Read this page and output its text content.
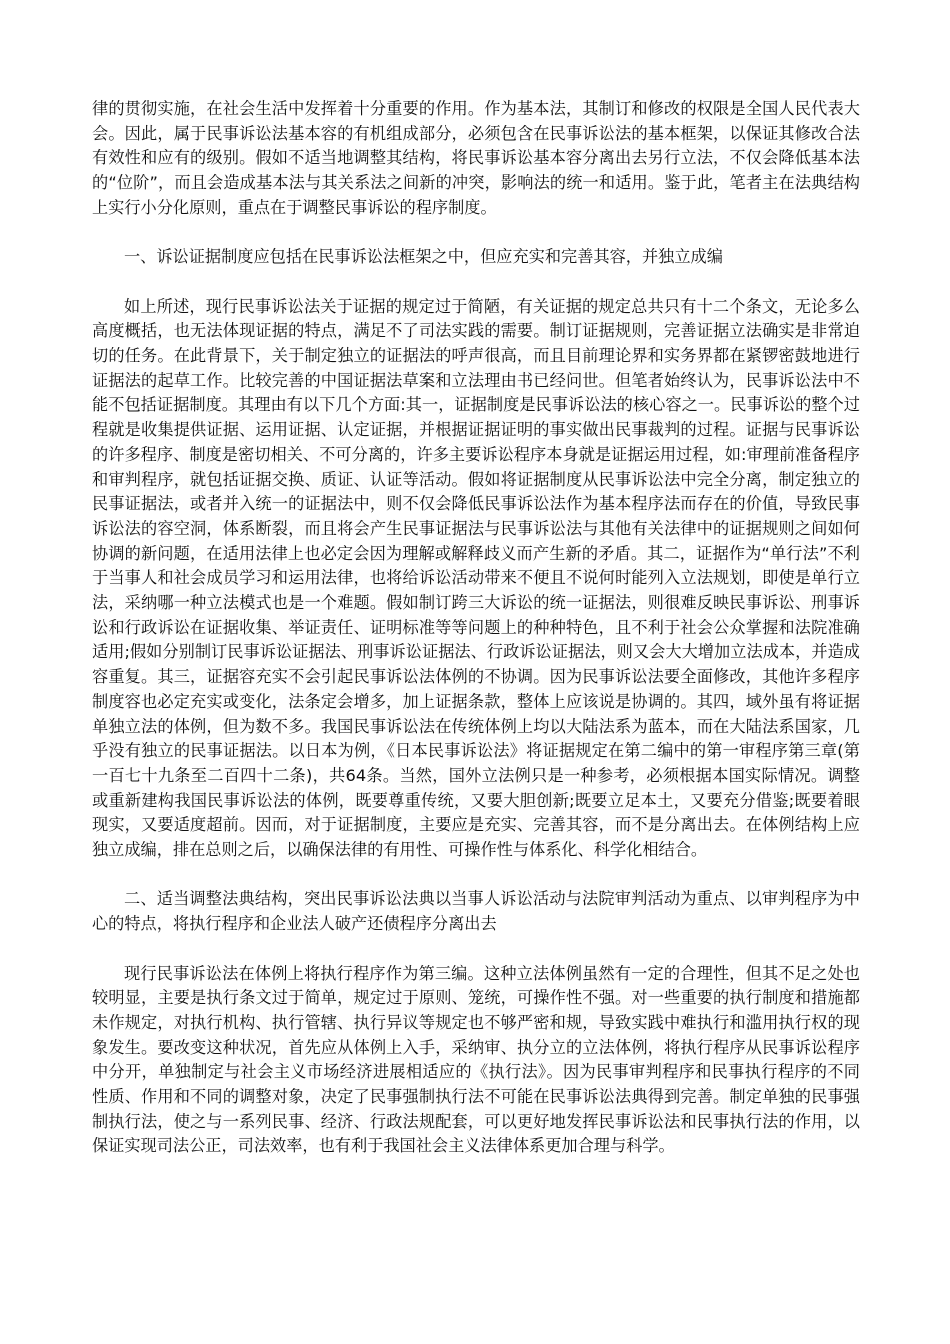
律的贯彻实施，在社会生活中发挥着十分重要的作用。作为基本法，其制订和修改的权限是全国人民代表大会。因此，属于民事诉讼法基本容的有机组成部分，必须包含在民事诉讼法的基本框架，以保证其修改合法有效性和应有的级别。假如不适当地调整其结构，将民事诉讼基本容分离出去另行立法，不仅会降低基本法的“位阶”，而且会造成基本法与其关系法之间新的冲突，影响法的统一和适用。鉴于此，笔者主在法典结构上实行小分化原则，重点在于调整民事诉讼的程序制度。

一、诉讼证据制度应包括在民事诉讼法框架之中，但应充实和完善其容，并独立成编

如上所述，现行民事诉讼法关于证据的规定过于简陋，有关证据的规定总共只有十二个条文，无论多么高度概括，也无法体现证据的特点，满足不了司法实践的需要。制订证据规则，完善证据立法确实是非常迫切的任务。在此背景下，关于制定独立的证据法的呼声很高，而且目前理论界和实务界都在紧锣密鼓地进行证据法的起草工作。比较完善的中国证据法草案和立法理由书已经问世。但笔者始终认为，民事诉讼法中不能不包括证据制度。其理由有以下几个方面:其一，证据制度是民事诉讼法的核心容之一。民事诉讼的整个过程就是收集提供证据、运用证据、认定证据，并根据证据证明的事实做出民事裁判的过程。证据与民事诉讼的许多程序、制度是密切相关、不可分离的，许多主要诉讼程序本身就是证据运用过程，如:审理前准备程序和审判程序，就包括证据交换、质证、认证等活动。假如将证据制度从民事诉讼法中完全分离，制定独立的民事证据法，或者并入统一的证据法中，则不仅会降低民事诉讼法作为基本程序法而存在的价值，导致民事诉讼法的容空洞，体系断裂，而且将会产生民事证据法与民事诉讼法与其他有关法律中的证据规则之间如何协调的新问题，在适用法律上也必定会因为理解或解释歧义而产生新的矛盾。其二，证据作为“单行法”不利于当事人和社会成员学习和运用法律，也将给诉讼活动带来不便且不说何时能列入立法规划，即使是单行立法，采纳哪一种立法模式也是一个难题。假如制订跨三大诉讼的统一证据法，则很难反映民事诉讼、刑事诉讼和行政诉讼在证据收集、举证责任、证明标准等等问题上的种种特色，且不利于社会公众掌握和法院准确适用;假如分别制订民事诉讼证据法、刑事诉讼证据法、行政诉讼证据法，则又会大大增加立法成本，并造成容重复。其三，证据容充实不会引起民事诉讼法体例的不协调。因为民事诉讼法要全面修改，其他许多程序制度容也必定充实或变化，法条定会增多，加上证据条款，整体上应该说是协调的。其四，域外虽有将证据单独立法的体例，但为数不多。我国民事诉讼法在传统体例上均以大陆法系为蓝本，而在大陆法系国家，几乎没有独立的民事证据法。以日本为例，《日本民事诉讼法》将证据规定在第二编中的第一审程序第三章(第一百七十九条至二百四十二条)，共64条。当然，国外立法例只是一种参考，必须根据本国实际情况。调整或重新建构我国民事诉讼法的体例，既要尊重传统，又要大胆创新;既要立足本土，又要充分借鉴;既要着眼现实，又要适度超前。因而，对于证据制度，主要应是充实、完善其容，而不是分离出去。在体例结构上应独立成编，排在总则之后，以确保法律的有用性、可操作性与体系化、科学化相结合。

二、适当调整法典结构，突出民事诉讼法典以当事人诉讼活动与法院审判活动为重点、以审判程序为中心的特点，将执行程序和企业法人破产还债程序分离出去

现行民事诉讼法在体例上将执行程序作为第三编。这种立法体例虽然有一定的合理性，但其不足之处也较明显，主要是执行条文过于简单，规定过于原则、笼统，可操作性不强。对一些重要的执行制度和措施都未作规定，对执行机构、执行管辖、执行异议等规定也不够严密和规，导致实践中难执行和滥用执行权的现象发生。要改变这种状况，首先应从体例上入手，采纳审、执分立的立法体例，将执行程序从民事诉讼程序中分开，单独制定与社会主义市场经济进展相适应的《执行法》。因为民事审判程序和民事执行程序的不同性质、作用和不同的调整对象，决定了民事强制执行法不可能在民事诉讼法典得到完善。制定单独的民事强制执行法，使之与一系列民事、经济、行政法规配套，可以更好地发挥民事诉讼法和民事执行法的作用，以保证实现司法公正，司法效率，也有利于我国社会主义法律体系更加合理与科学。
